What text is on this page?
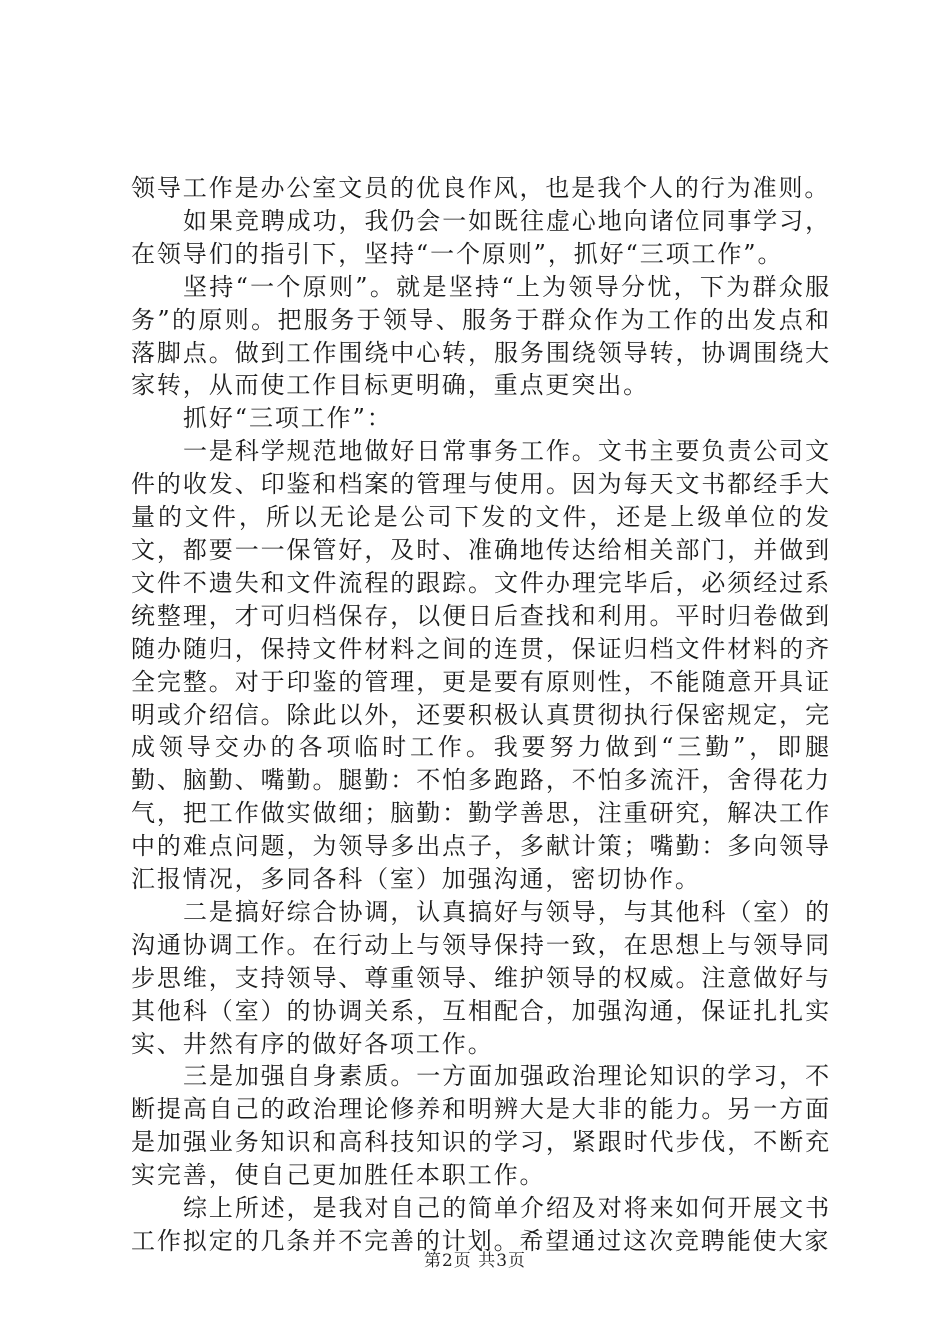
领导工作是办公室文员的优良作风，也是我个人的行为准则。

如果竞聘成功，我仍会一如既往虚心地向诸位同事学习，在领导们的指引下，坚持“一个原则”，抓好“三项工作”。

坚持“一个原则”。就是坚持“上为领导分忧，下为群众服务”的原则。把服务于领导、服务于群众作为工作的出发点和落脚点。做到工作围绕中心转，服务围绕领导转，协调围绕大家转，从而使工作目标更明确，重点更突出。

抓好“三项工作”：

一是科学规范地做好日常事务工作。文书主要负责公司文件的收发、印鉴和档案的管理与使用。因为每天文书都经手大量的文件，所以无论是公司下发的文件，还是上级单位的发文，都要一一保管好，及时、准确地传达给相关部门，并做到文件不遗失和文件流程的跟踪。文件办理完毕后，必须经过系统整理，才可归档保存，以便日后查找和利用。平时归卷做到随办随归，保持文件材料之间的连贯，保证归档文件材料的齐全完整。对于印鉴的管理，更是要有原则性，不能随意开具证明或介绍信。除此以外，还要积极认真贯彻执行保密规定，完成领导交办的各项临时工作。我要努力做到“三勤”，即腿勤、脑勤、嘴勤。腿勤：不怕多跑路，不怕多流汗，舍得花力气，把工作做实做细；脑勤：勤学善思，注重研究，解决工作中的难点问题，为领导多出点子，多献计策；嘴勤：多向领导汇报情况，多同各科（室）加强沟通，密切协作。

二是搞好综合协调，认真搞好与领导，与其他科（室）的沟通协调工作。在行动上与领导保持一致，在思想上与领导同步思维，支持领导、尊重领导、维护领导的权威。注意做好与其他科（室）的协调关系，互相配合，加强沟通，保证扎扎实实、井然有序的做好各项工作。

三是加强自身素质。一方面加强政治理论知识的学习，不断提高自己的政治理论修养和明辨大是大非的能力。另一方面是加强业务知识和高科技知识的学习，紧跟时代步伐，不断充实完善，使自己更加胜任本职工作。

综上所述，是我对自己的简单介绍及对将来如何开展文书工作拟定的几条并不完善的计划。希望通过这次竞聘能使大家

第2页 共3页
